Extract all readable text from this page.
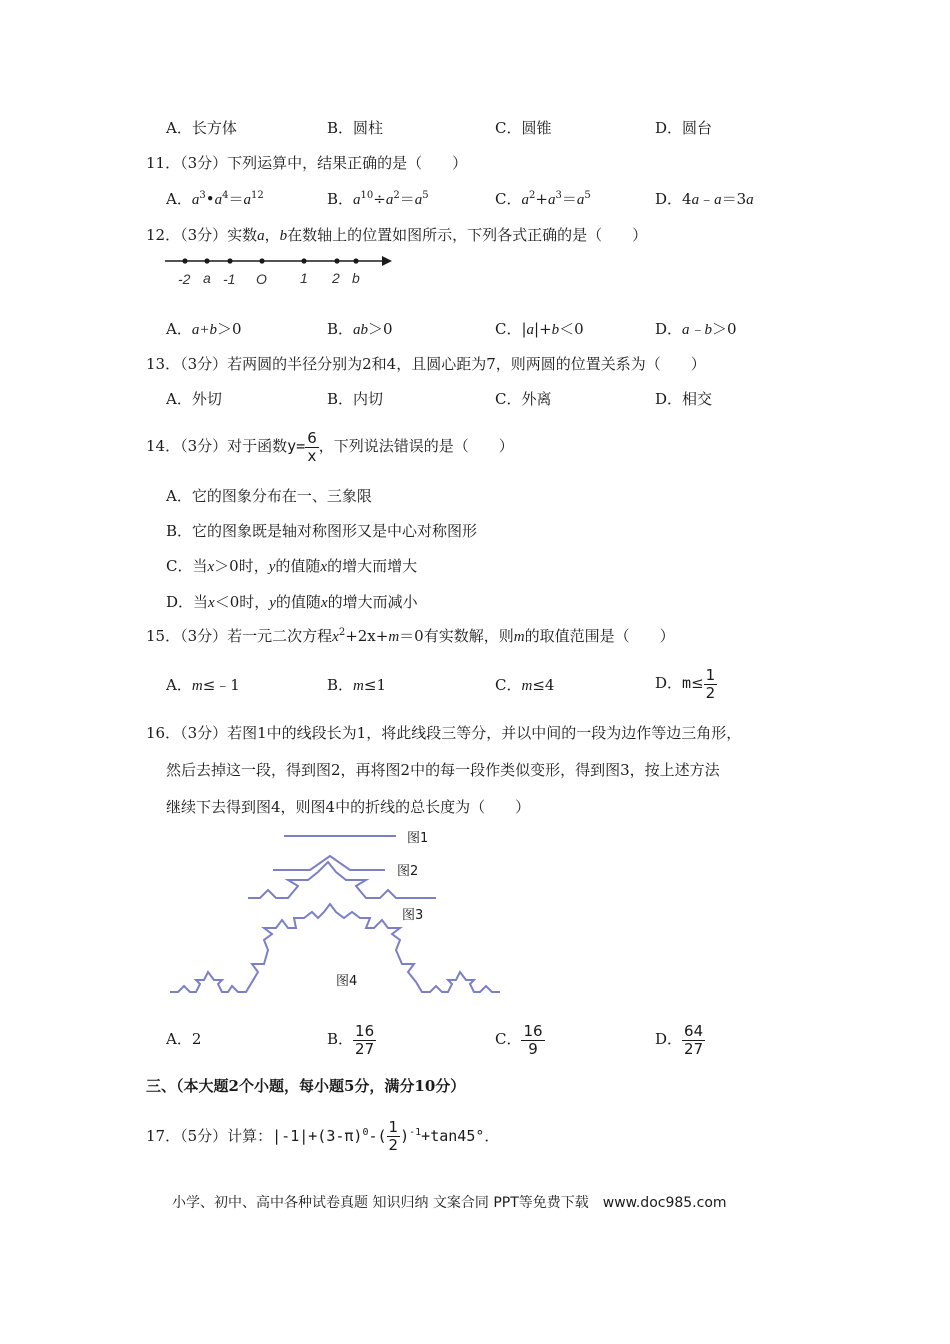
A．长方体	B．圆柱	C．圆锥	D．圆台
11．（3分）下列运算中，结果正确的是（　　）
A．$a^3•a^4=a^{12}$	B．$a^{10}\div a^2=a^5$	C．$a^2+a^3=a^5$	D．4a﹣a＝3a
12．（3分）实数a，b在数轴上的位置如图所示，下列各式正确的是（　　）
-2 a -1 O 1 2 b
A．a+b＞0	B．ab＞0	C．|a|+b＜0	D．a﹣b＞0
13．（3分）若两圆的半径分别为2和4，且圆心距为7，则两圆的位置关系为（　　）
A．外切	B．内切	C．外离	D．相交
14．（3分）对于函数$y= \frac{6}{x}$ ，下列说法错误的是（　　）
A．它的图象分布在一、三象限
B．它的图象既是轴对称图形又是中心对称图形
C．当x＞0时，y的值随x的增大而增大
D．当x＜0时，y的值随x的增大而减小
15．（3分）若一元二次方程$x^2+2x+m=0$有实数解，则m的取值范围是（　　）
A．m≤﹣1	B．m≤1	C．m≤4	D．$m\le \frac{1}{2}$
16．（3分）若图1中的线段长为1，将此线段三等分，并以中间的一段为边作等边三角形，
然后去掉这一段，得到图2，再将图2中的每一段作类似变形，得到图3，按上述方法
继续下去得到图4，则图4中的折线的总长度为（　　）
图1
图2
图3
图4
A．2	B． $\frac{16}{27}$	C． $\frac{16}{9}$	D． $\frac{64}{27}$
三、（本大题2个小题，每小题5分，满分10分）
17．（5分）计算：$|-1|+(3-\pi)^0-( \frac{1}{2} )^{-1}+\tan 45^\circ$．
小学、初中、高中各种试卷真题 知识归纳 文案合同 PPT等免费下载　www.doc985.com
